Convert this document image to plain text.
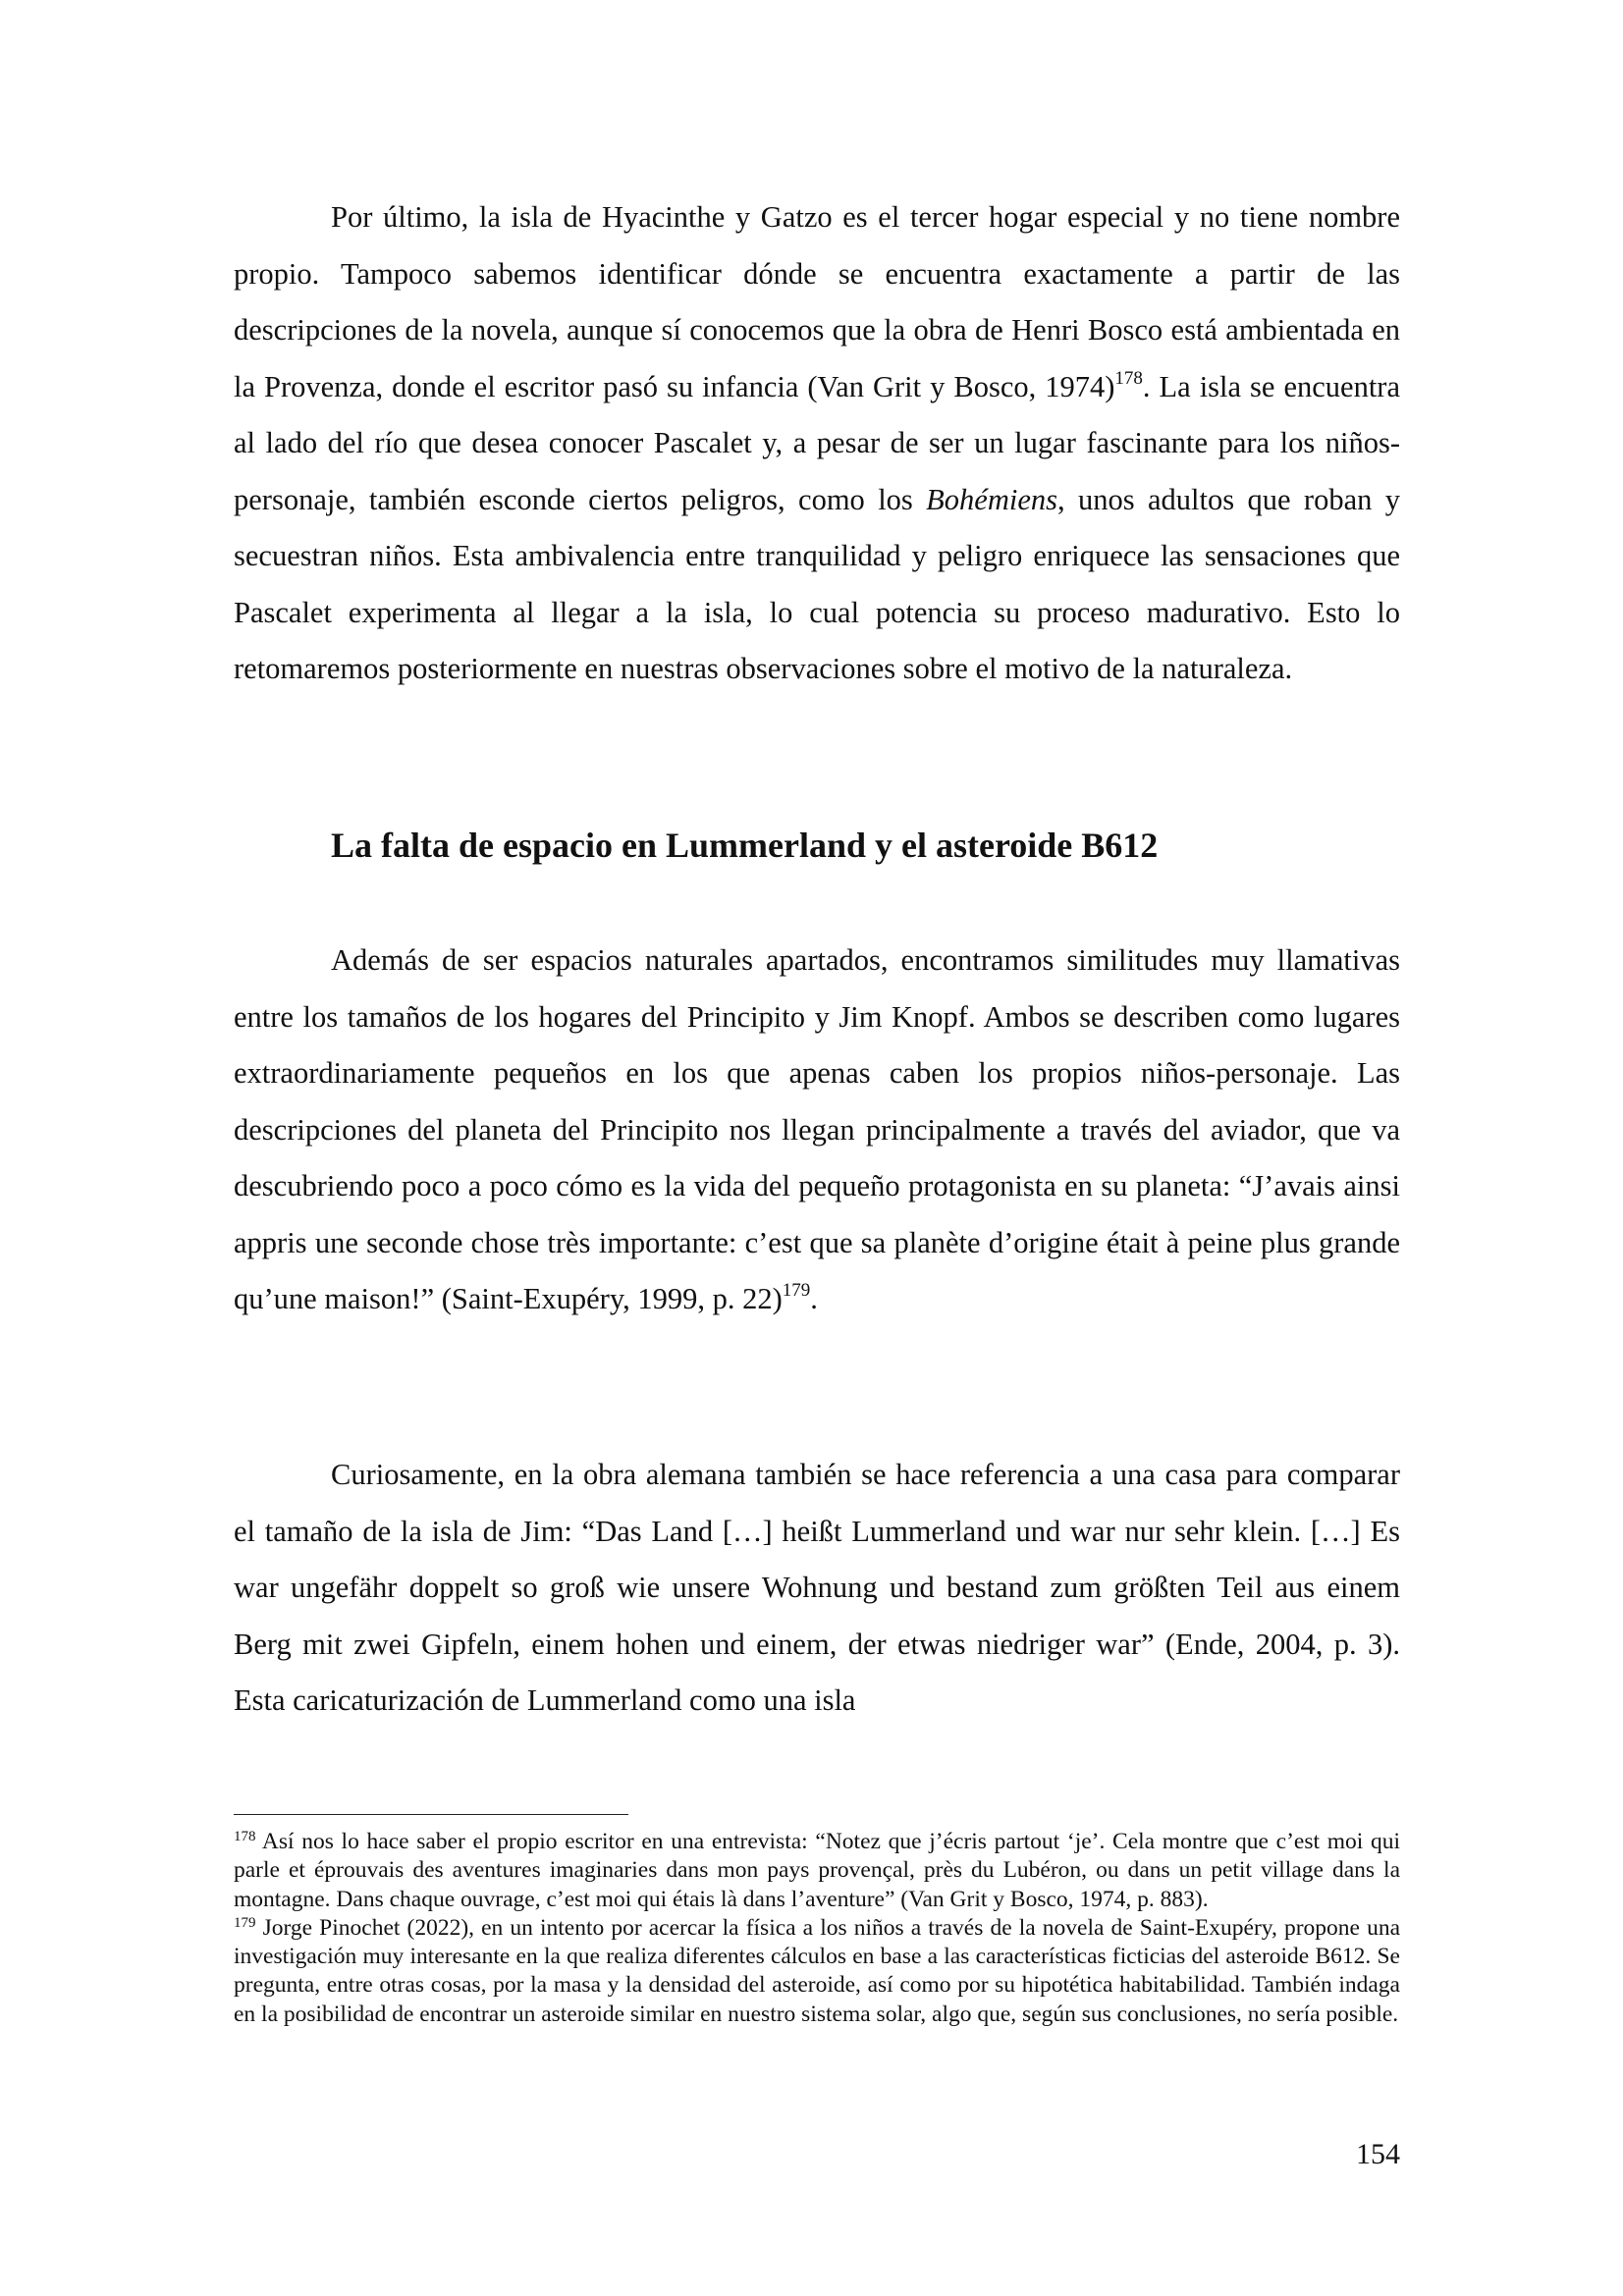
Por último, la isla de Hyacinthe y Gatzo es el tercer hogar especial y no tiene nombre propio. Tampoco sabemos identificar dónde se encuentra exactamente a partir de las descripciones de la novela, aunque sí conocemos que la obra de Henri Bosco está ambientada en la Provenza, donde el escritor pasó su infancia (Van Grit y Bosco, 1974)$^{178}$. La isla se encuentra al lado del río que desea conocer Pascalet y, a pesar de ser un lugar fascinante para los niños-personaje, también esconde ciertos peligros, como los Bohémiens, unos adultos que roban y secuestran niños. Esta ambivalencia entre tranquilidad y peligro enriquece las sensaciones que Pascalet experimenta al llegar a la isla, lo cual potencia su proceso madurativo. Esto lo retomaremos posteriormente en nuestras observaciones sobre el motivo de la naturaleza.

La falta de espacio en Lummerland y el asteroide B612

Además de ser espacios naturales apartados, encontramos similitudes muy llamativas entre los tamaños de los hogares del Principito y Jim Knopf. Ambos se describen como lugares extraordinariamente pequeños en los que apenas caben los propios niños-personaje. Las descripciones del planeta del Principito nos llegan principalmente a través del aviador, que va descubriendo poco a poco cómo es la vida del pequeño protagonista en su planeta: “J’avais ainsi appris une seconde chose très importante: c’est que sa planète d’origine était à peine plus grande qu’une maison!” (Saint-Exupéry, 1999, p. 22)$^{179}$.

Curiosamente, en la obra alemana también se hace referencia a una casa para comparar el tamaño de la isla de Jim: “Das Land […] heißt Lummerland und war nur sehr klein. […] Es war ungefähr doppelt so groß wie unsere Wohnung und bestand zum größten Teil aus einem Berg mit zwei Gipfeln, einem hohen und einem, der etwas niedriger war” (Ende, 2004, p. 3). Esta caricaturización de Lummerland como una isla

$^{178}$ Así nos lo hace saber el propio escritor en una entrevista: “Notez que j’écris partout ‘je’. Cela montre que c’est moi qui parle et éprouvais des aventures imaginaries dans mon pays provençal, près du Lubéron, ou dans un petit village dans la montagne. Dans chaque ouvrage, c’est moi qui étais là dans l’aventure” (Van Grit y Bosco, 1974, p. 883).

$^{179}$ Jorge Pinochet (2022), en un intento por acercar la física a los niños a través de la novela de Saint-Exupéry, propone una investigación muy interesante en la que realiza diferentes cálculos en base a las características ficticias del asteroide B612. Se pregunta, entre otras cosas, por la masa y la densidad del asteroide, así como por su hipotética habitabilidad. También indaga en la posibilidad de encontrar un asteroide similar en nuestro sistema solar, algo que, según sus conclusiones, no sería posible.

154
